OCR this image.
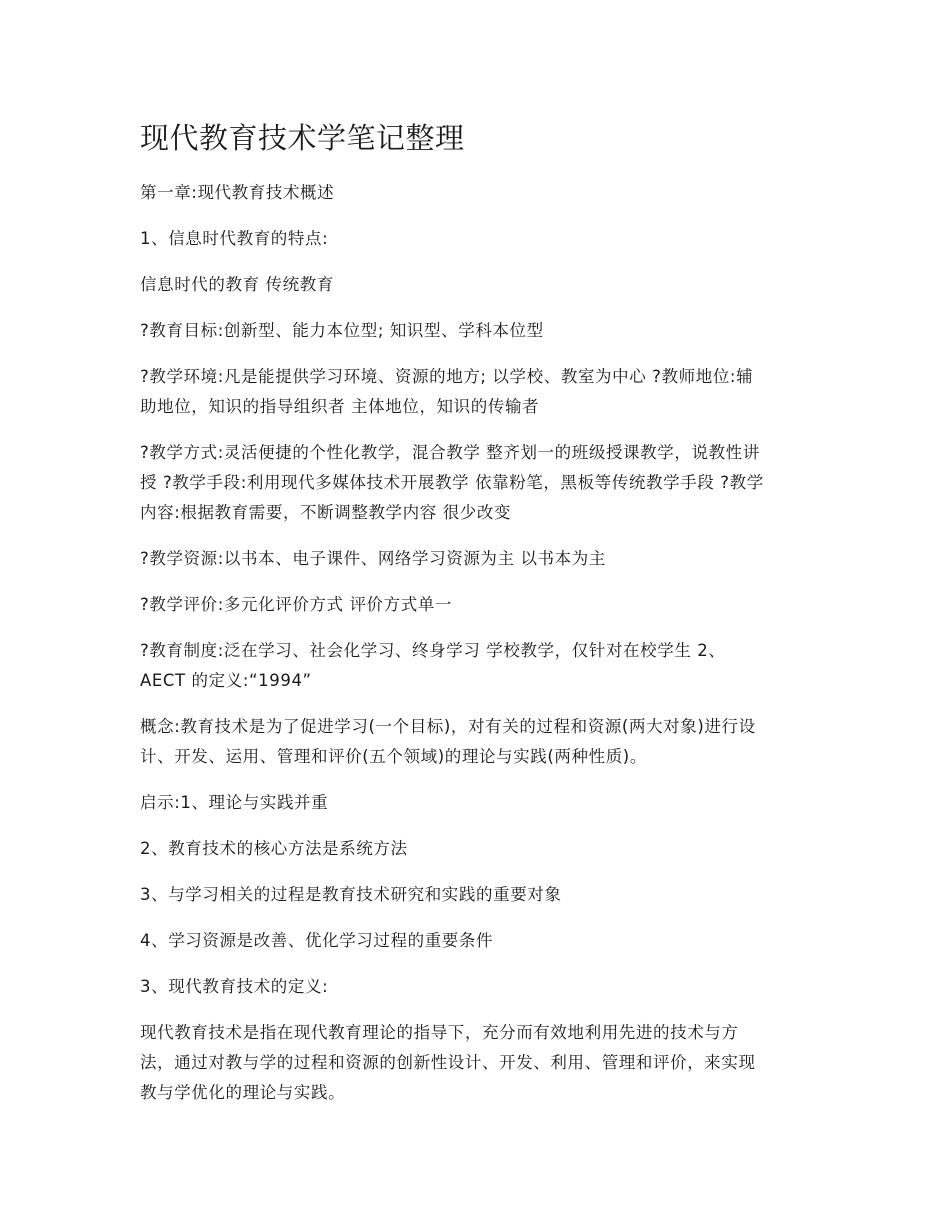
现代教育技术学笔记整理

第一章:现代教育技术概述

1、信息时代教育的特点:

信息时代的教育 传统教育

?教育目标:创新型、能力本位型; 知识型、学科本位型

?教学环境:凡是能提供学习环境、资源的地方; 以学校、教室为中心 ?教师地位:辅
助地位，知识的指导组织者 主体地位，知识的传输者

?教学方式:灵活便捷的个性化教学，混合教学 整齐划一的班级授课教学，说教性讲
授 ?教学手段:利用现代多媒体技术开展教学 依靠粉笔，黑板等传统教学手段 ?教学
内容:根据教育需要，不断调整教学内容 很少改变

?教学资源:以书本、电子课件、网络学习资源为主 以书本为主

?教学评价:多元化评价方式 评价方式单一

?教育制度:泛在学习、社会化学习、终身学习 学校教学，仅针对在校学生 2、
AECT 的定义:“1994”

概念:教育技术是为了促进学习(一个目标)，对有关的过程和资源(两大对象)进行设
计、开发、运用、管理和评价(五个领域)的理论与实践(两种性质)。

启示:1、理论与实践并重

2、教育技术的核心方法是系统方法

3、与学习相关的过程是教育技术研究和实践的重要对象

4、学习资源是改善、优化学习过程的重要条件

3、现代教育技术的定义:

现代教育技术是指在现代教育理论的指导下，充分而有效地利用先进的技术与方
法，通过对教与学的过程和资源的创新性设计、开发、利用、管理和评价，来实现
教与学优化的理论与实践。
